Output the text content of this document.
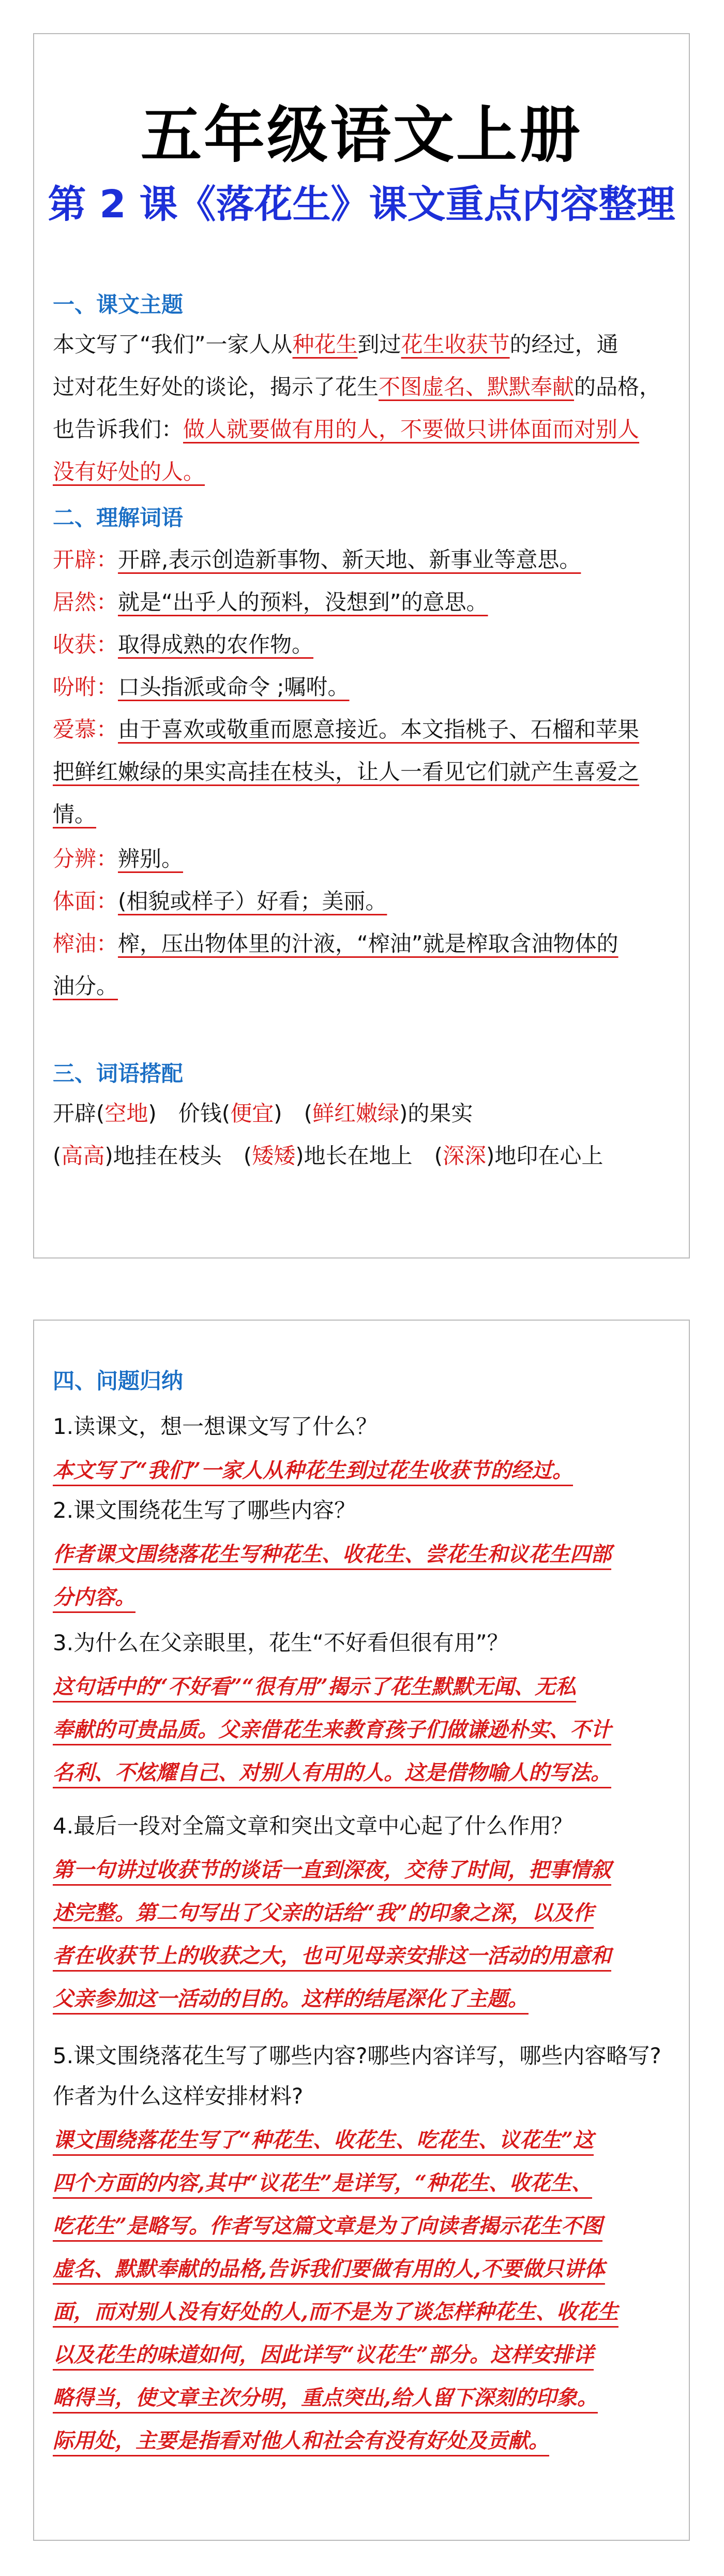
五年级语文上册
第 2 课《落花生》课文重点内容整理
一、课文主题
本文写了“我们”一家人从种花生到过花生收获节的经过，通
过对花生好处的谈论，揭示了花生不图虚名、默默奉献的品格，
也告诉我们：做人就要做有用的人，不要做只讲体面而对别人
没有好处的人。
二、理解词语
开辟：开辟,表示创造新事物、新天地、新事业等意思。
居然：就是“出乎人的预料，没想到”的意思。
收获：取得成熟的农作物。
吩咐：口头指派或命令 ;嘱咐。
爱慕：由于喜欢或敬重而愿意接近。本文指桃子、石榴和苹果
把鲜红嫩绿的果实高挂在枝头，让人一看见它们就产生喜爱之
情。
分辨：辨别。
体面：(相貌或样子）好看；美丽。
榨油：榨，压出物体里的汁液，“榨油”就是榨取含油物体的
油分。
三、词语搭配
开辟(空地)　价钱(便宜)　(鲜红嫩绿)的果实
(高高)地挂在枝头　(矮矮)地长在地上　(深深)地印在心上
四、问题归纳
1.读课文，想一想课文写了什么？
本文写了“我们”一家人从种花生到过花生收获节的经过。
2.课文围绕花生写了哪些内容？
作者课文围绕落花生写种花生、收花生、尝花生和议花生四部
分内容。
3.为什么在父亲眼里，花生“不好看但很有用”？
这句话中的“不好看”“很有用”揭示了花生默默无闻、无私
奉献的可贵品质。父亲借花生来教育孩子们做谦逊朴实、不计
名利、不炫耀自己、对别人有用的人。这是借物喻人的写法。
4.最后一段对全篇文章和突出文章中心起了什么作用？
第一句讲过收获节的谈话一直到深夜，交待了时间，把事情叙
述完整。第二句写出了父亲的话给“我”的印象之深，以及作
者在收获节上的收获之大，也可见母亲安排这一活动的用意和
父亲参加这一活动的目的。这样的结尾深化了主题。
5.课文围绕落花生写了哪些内容?哪些内容详写，哪些内容略写?
作者为什么这样安排材料?
课文围绕落花生写了“种花生、收花生、吃花生、议花生”这
四个方面的内容,其中“议花生”是详写，“种花生、收花生、
吃花生”是略写。作者写这篇文章是为了向读者揭示花生不图
虚名、默默奉献的品格,告诉我们要做有用的人,不要做只讲体
面，而对别人没有好处的人,而不是为了谈怎样种花生、收花生
以及花生的味道如何，因此详写“议花生”部分。这样安排详
略得当，使文章主次分明，重点突出,给人留下深刻的印象。
际用处，主要是指看对他人和社会有没有好处及贡献。
